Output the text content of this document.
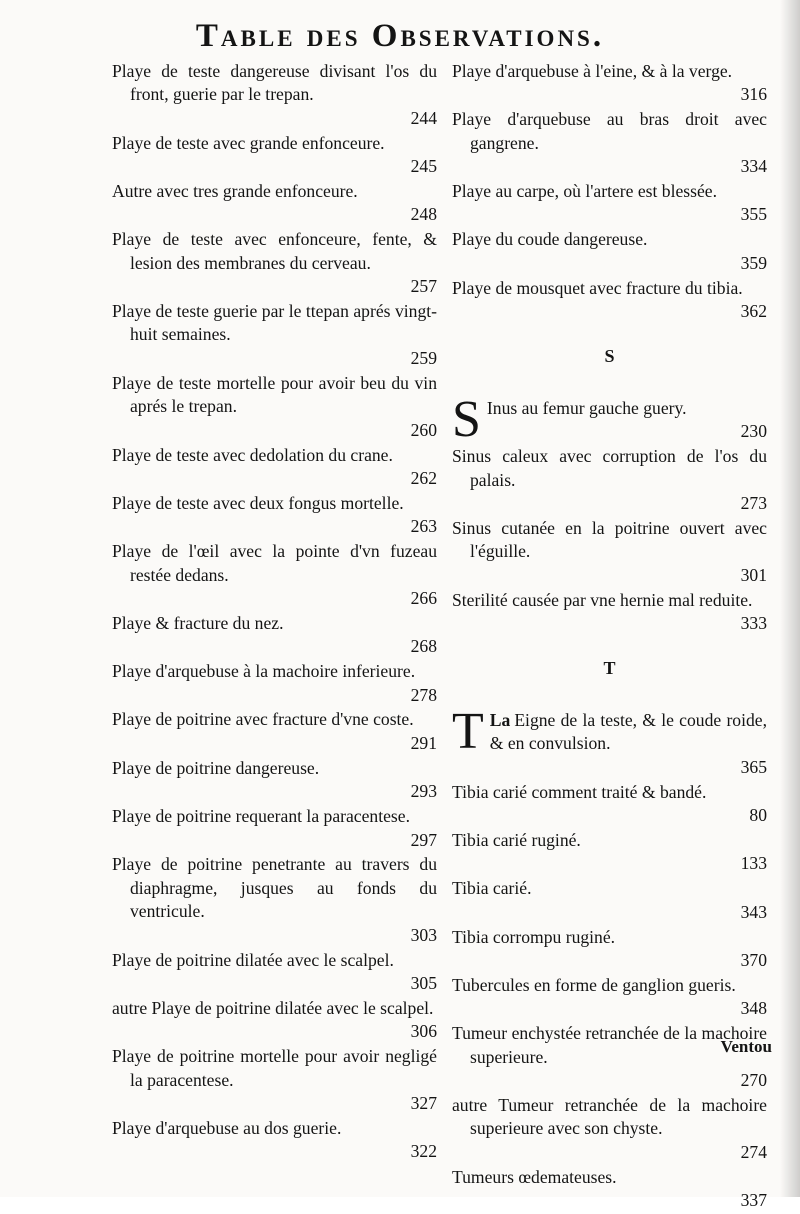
Table des Observations.
Playe de teste dangereuse divisant l'os du front, guerie par le trepan.
244
Playe de teste avec grande enfonceure.
245
Autre avec tres grande enfonceure.
248
Playe de teste avec enfonceure, fente, & lesion des membranes du cerveau.
257
Playe de teste guerie par le ttepan aprés vingt-huit semaines.
259
Playe de teste mortelle pour avoir beu du vin aprés le trepan.
260
Playe de teste avec dedolation du crane.
262
Playe de teste avec deux fongus mortelle.
263
Playe de l'œil avec la pointe d'vn fuzeau restée dedans.
266
Playe & fracture du nez.
268
Playe d'arquebuse à la machoire inferieure.
278
Playe de poitrine avec fracture d'vne coste.
291
Playe de poitrine dangereuse.
293
Playe de poitrine requerant la paracentese.
297
Playe de poitrine penetrante au travers du diaphragme, jusques au fonds du ventricule.
303
Playe de poitrine dilatée avec le scalpel.
305
autre Playe de poitrine dilatée avec le scalpel.
306
Playe de poitrine mortelle pour avoir negligé la paracentese.
327
Playe d'arquebuse au dos guerie.
322
Playe d'arquebuse à l'eine, & à la verge.
316
Playe d'arquebuse au bras droit avec gangrene.
334
Playe au carpe, où l'artere est blessée.
355
Playe du coude dangereuse.
359
Playe de mousquet avec fracture du tibia.
362
S
S Inus au femur gauche guery.
230
Sinus caleux avec corruption de l'os du palais.
273
Sinus cutanée en la poitrine ouvert avec l'éguille.
301
Sterilité causée par vne hernie mal reduite.
333
T
La
T Eigne de la teste, & le coude roide, & en convulsion.
365
Tibia carié comment traité & bandé.
80
Tibia carié ruginé.
133
Tibia carié.
343
Tibia corrompu ruginé.
370
Tubercules en forme de ganglion gueris.
348
Tumeur enchystée retranchée de la machoire superieure.
270
autre Tumeur retranchée de la machoire superieure avec son chyste.
274
Tumeurs œdemateuses.
337
Ventou
